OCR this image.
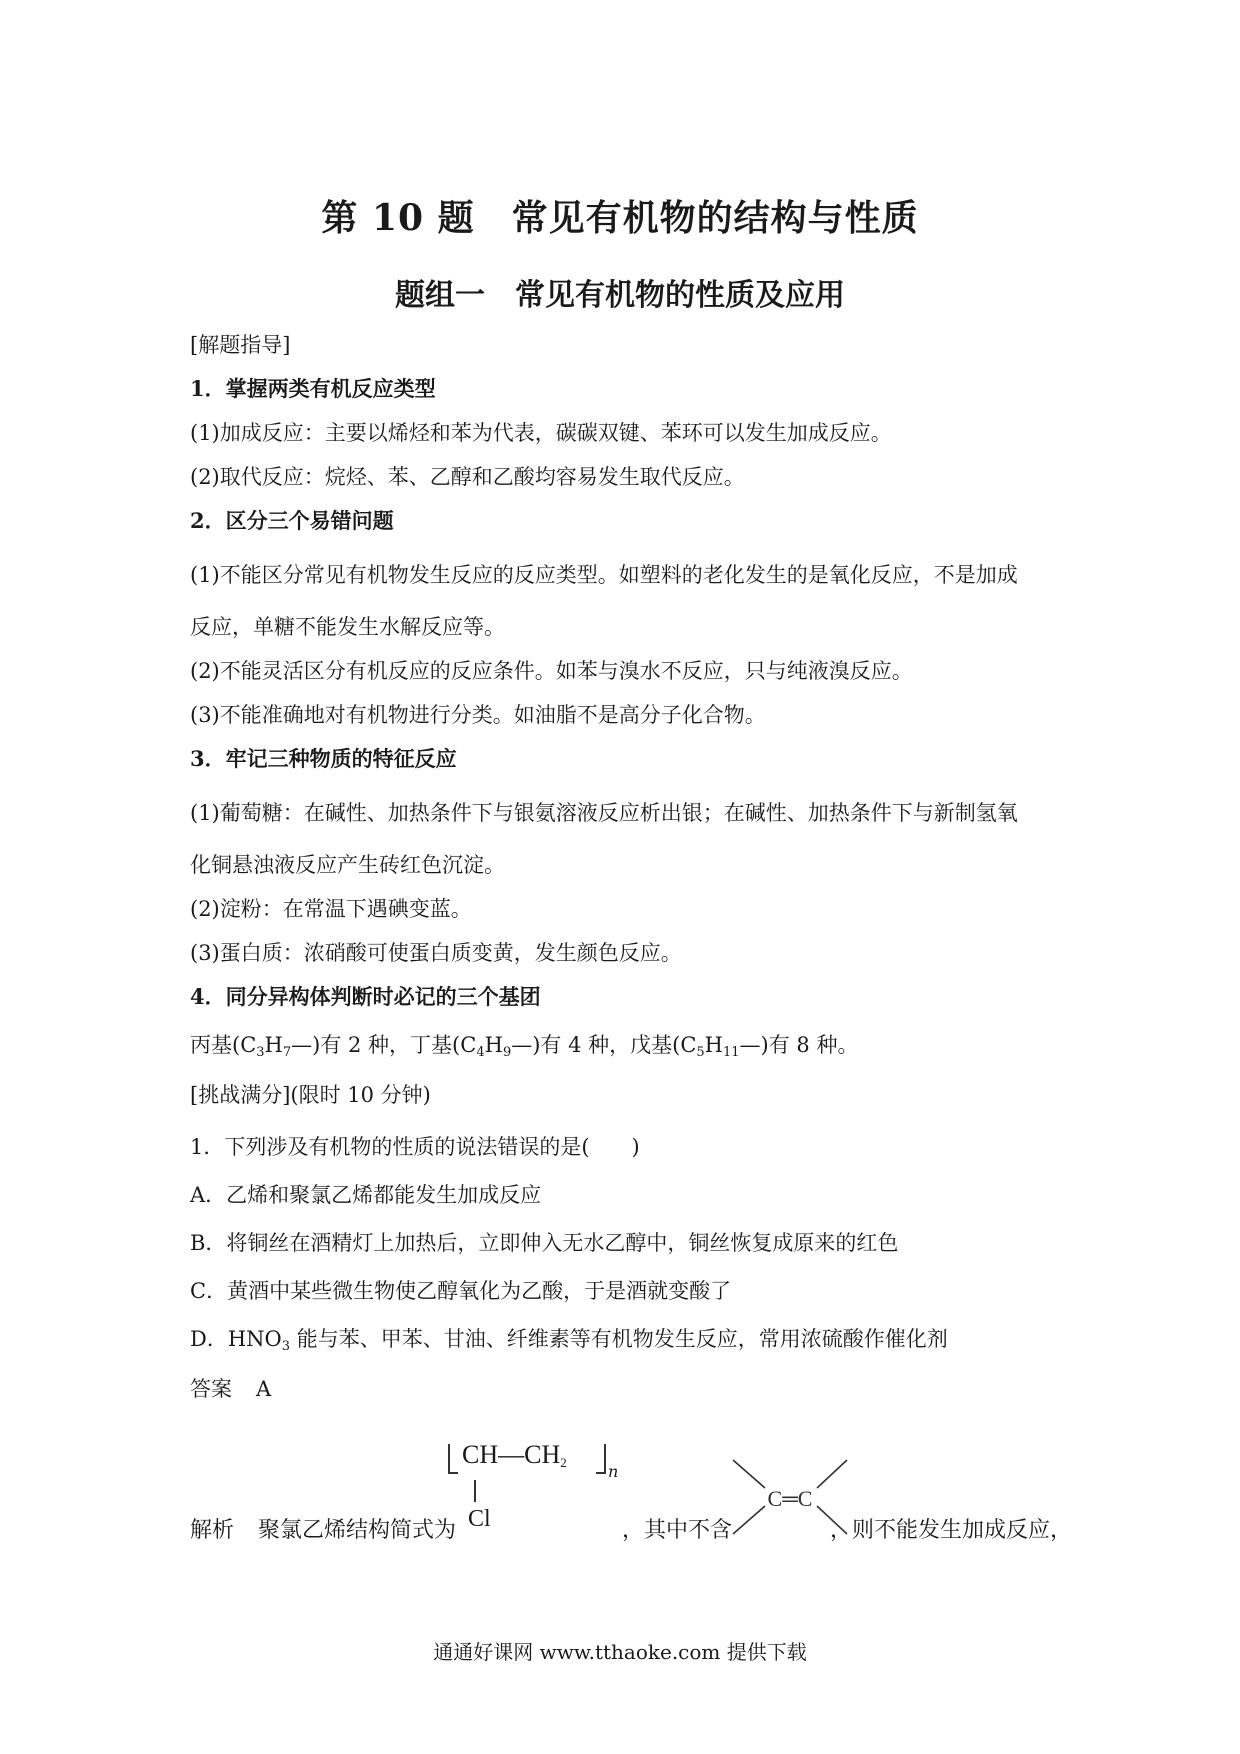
第 10 题　常见有机物的结构与性质
题组一　常见有机物的性质及应用
[解题指导]
1．掌握两类有机反应类型
(1)加成反应：主要以烯烃和苯为代表，碳碳双键、苯环可以发生加成反应。
(2)取代反应：烷烃、苯、乙醇和乙酸均容易发生取代反应。
2．区分三个易错问题
(1)不能区分常见有机物发生反应的反应类型。如塑料的老化发生的是氧化反应，不是加成
反应，单糖不能发生水解反应等。
(2)不能灵活区分有机反应的反应条件。如苯与溴水不反应，只与纯液溴反应。
(3)不能准确地对有机物进行分类。如油脂不是高分子化合物。
3．牢记三种物质的特征反应
(1)葡萄糖：在碱性、加热条件下与银氨溶液反应析出银；在碱性、加热条件下与新制氢氧
化铜悬浊液反应产生砖红色沉淀。
(2)淀粉：在常温下遇碘变蓝。
(3)蛋白质：浓硝酸可使蛋白质变黄，发生颜色反应。
4．同分异构体判断时必记的三个基团
丙基$(C_3H_7—)$有 2 种，丁基$(C_4H_9—)$有 4 种，戊基$(C_5H_{11}—)$有 8 种。
[挑战满分](限时 10 分钟)
1．下列涉及有机物的性质的说法错误的是(　　)
A．乙烯和聚氯乙烯都能发生加成反应
B．将铜丝在酒精灯上加热后，立即伸入无水乙醇中，铜丝恢复成原来的红色
C．黄酒中某些微生物使乙醇氧化为乙酸，于是酒就变酸了
D．$HNO_3$ 能与苯、甲苯、甘油、纤维素等有机物发生反应，常用浓硫酸作催化剂
答案 A
$CH—CH_2$	n
Cl
C═C
解析 聚氯乙烯结构简式为	，其中不含	，则不能发生加成反应，
通通好课网 www.tthaoke.com 提供下载
